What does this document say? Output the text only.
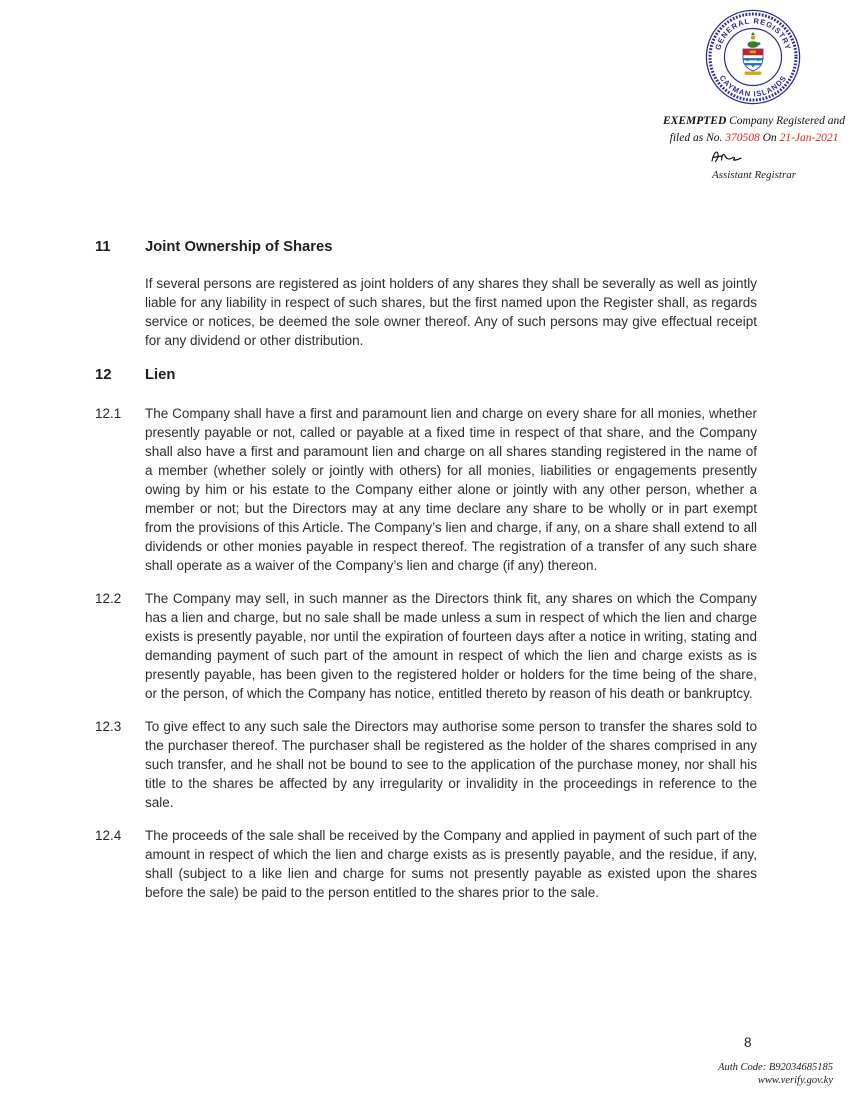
GENERAL REGISTRY
CAYMAN ISLANDS
★ ★
★
EXEMPTED Company Registered and
filed as No. 370508 On 21-Jan-2021
Assistant Registrar
11	Joint Ownership of Shares
If several persons are registered as joint holders of any shares they shall be severally as well as jointly liable for any liability in respect of such shares, but the first named upon the Register shall, as regards service or notices, be deemed the sole owner thereof. Any of such persons may give effectual receipt for any dividend or other distribution.
12	Lien
12.1	The Company shall have a first and paramount lien and charge on every share for all monies, whether presently payable or not, called or payable at a fixed time in respect of that share, and the Company shall also have a first and paramount lien and charge on all shares standing registered in the name of a member (whether solely or jointly with others) for all monies, liabilities or engagements presently owing by him or his estate to the Company either alone or jointly with any other person, whether a member or not; but the Directors may at any time declare any share to be wholly or in part exempt from the provisions of this Article. The Company’s lien and charge, if any, on a share shall extend to all dividends or other monies payable in respect thereof. The registration of a transfer of any such share shall operate as a waiver of the Company’s lien and charge (if any) thereon.
12.2	The Company may sell, in such manner as the Directors think fit, any shares on which the Company has a lien and charge, but no sale shall be made unless a sum in respect of which the lien and charge exists is presently payable, nor until the expiration of fourteen days after a notice in writing, stating and demanding payment of such part of the amount in respect of which the lien and charge exists as is presently payable, has been given to the registered holder or holders for the time being of the share, or the person, of which the Company has notice, entitled thereto by reason of his death or bankruptcy.
12.3	To give effect to any such sale the Directors may authorise some person to transfer the shares sold to the purchaser thereof. The purchaser shall be registered as the holder of the shares comprised in any such transfer, and he shall not be bound to see to the application of the purchase money, nor shall his title to the shares be affected by any irregularity or invalidity in the proceedings in reference to the sale.
12.4	The proceeds of the sale shall be received by the Company and applied in payment of such part of the amount in respect of which the lien and charge exists as is presently payable, and the residue, if any, shall (subject to a like lien and charge for sums not presently payable as existed upon the shares before the sale) be paid to the person entitled to the shares prior to the sale.
8
Auth Code: B92034685185
www.verify.gov.ky
